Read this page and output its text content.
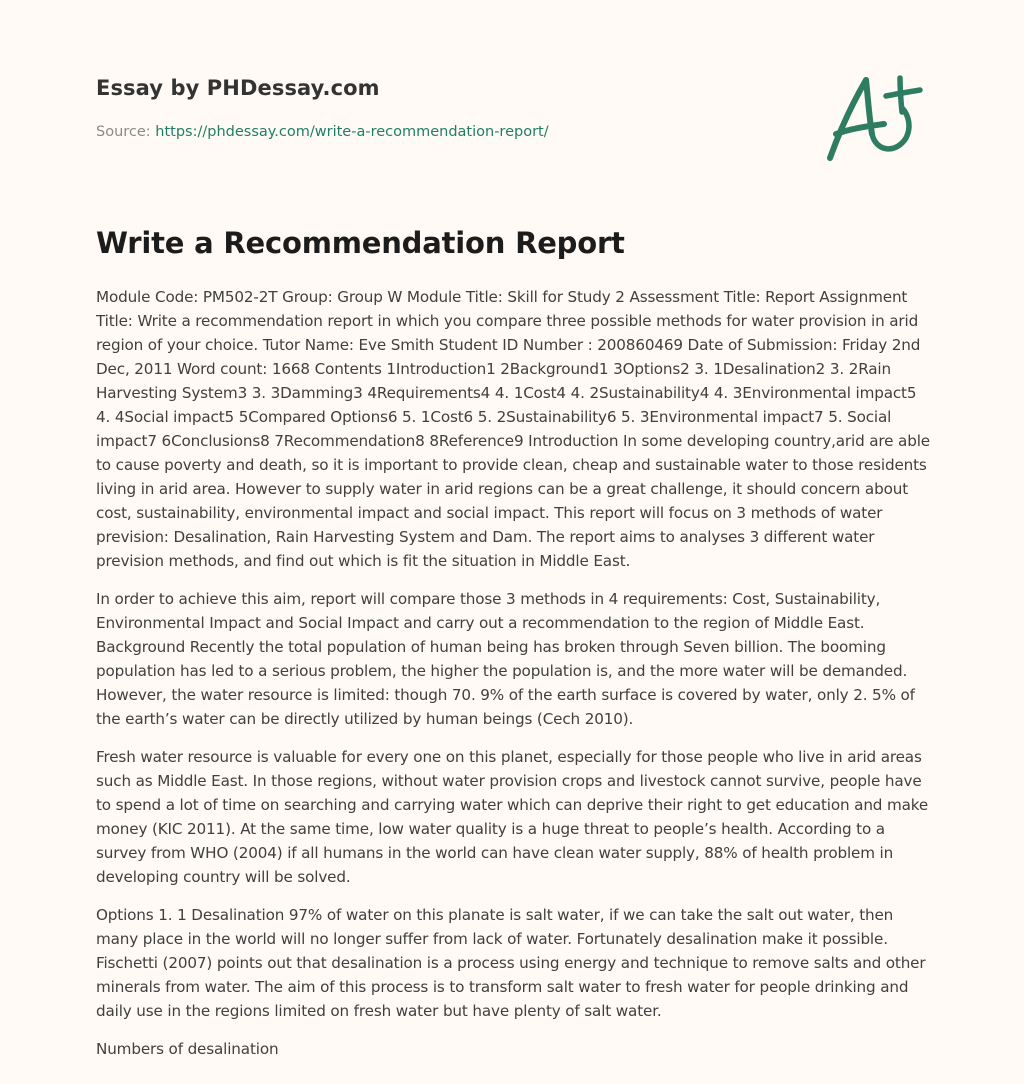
Essay by PHDessay.com
Source: https://phdessay.com/write-a-recommendation-report/
Write a Recommendation Report

Module Code: PM502-2T Group: Group W Module Title: Skill for Study 2 Assessment Title: Report Assignment Title: Write a recommendation report in which you compare three possible methods for water provision in arid region of your choice. Tutor Name: Eve Smith Student ID Number : 200860469 Date of Submission: Friday 2nd Dec, 2011 Word count: 1668 Contents 1Introduction1 2Background1 3Options2 3. 1Desalination2 3. 2Rain Harvesting System3 3. 3Damming3 4Requirements4 4. 1Cost4 4. 2Sustainability4 4. 3Environmental impact5 4. 4Social impact5 5Compared Options6 5. 1Cost6 5. 2Sustainability6 5. 3Environmental impact7 5. Social impact7 6Conclusions8 7Recommendation8 8Reference9 Introduction In some developing country,arid are able to cause poverty and death, so it is important to provide clean, cheap and sustainable water to those residents living in arid area. However to supply water in arid regions can be a great challenge, it should concern about cost, sustainability, environmental impact and social impact. This report will focus on 3 methods of water prevision: Desalination, Rain Harvesting System and Dam. The report aims to analyses 3 different water prevision methods, and find out which is fit the situation in Middle East.

In order to achieve this aim, report will compare those 3 methods in 4 requirements: Cost, Sustainability, Environmental Impact and Social Impact and carry out a recommendation to the region of Middle East. Background Recently the total population of human being has broken through Seven billion. The booming population has led to a serious problem, the higher the population is, and the more water will be demanded. However, the water resource is limited: though 70. 9% of the earth surface is covered by water, only 2. 5% of the earth’s water can be directly utilized by human beings (Cech 2010).

Fresh water resource is valuable for every one on this planet, especially for those people who live in arid areas such as Middle East. In those regions, without water provision crops and livestock cannot survive, people have to spend a lot of time on searching and carrying water which can deprive their right to get education and make money (KIC 2011). At the same time, low water quality is a huge threat to people’s health. According to a survey from WHO (2004) if all humans in the world can have clean water supply, 88% of health problem in developing country will be solved.

Options 1. 1 Desalination 97% of water on this planate is salt water, if we can take the salt out water, then many place in the world will no longer suffer from lack of water. Fortunately desalination make it possible. Fischetti (2007) points out that desalination is a process using energy and technique to remove salts and other minerals from water. The aim of this process is to transform salt water to fresh water for people drinking and daily use in the regions limited on fresh water but have plenty of salt water.

Numbers of desalination
